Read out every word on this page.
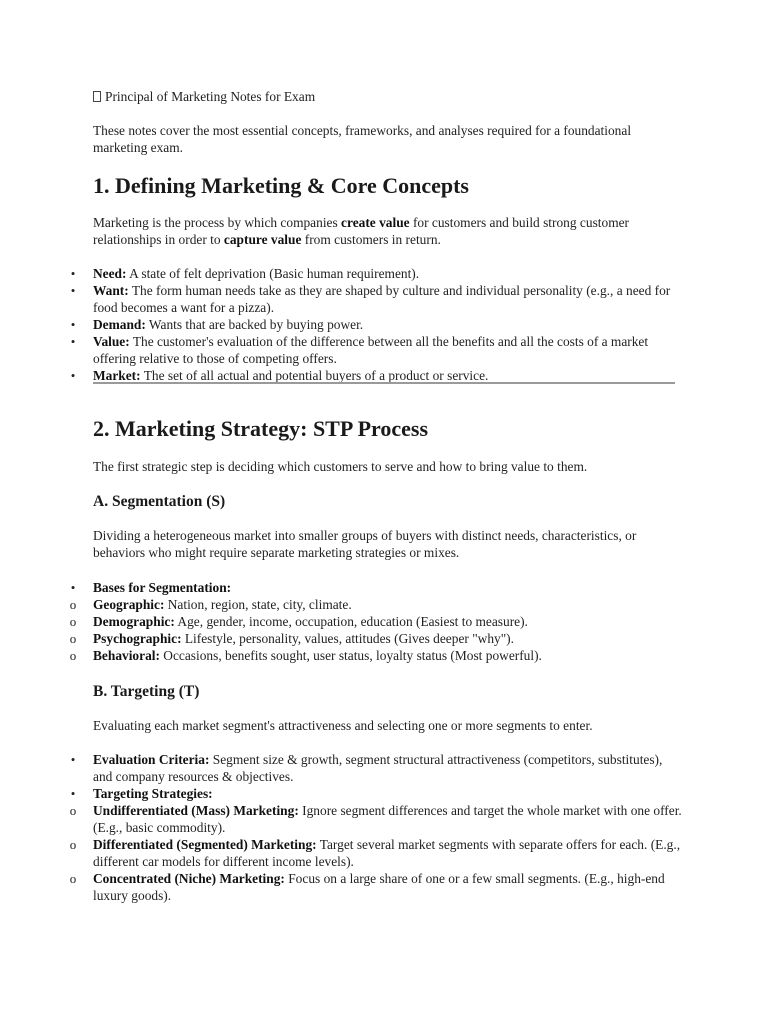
Principal of Marketing Notes for Exam
These notes cover the most essential concepts, frameworks, and analyses required for a foundational marketing exam.
1. Defining Marketing & Core Concepts
Marketing is the process by which companies create value for customers and build strong customer relationships in order to capture value from customers in return.
• Need: A state of felt deprivation (Basic human requirement).
• Want: The form human needs take as they are shaped by culture and individual personality (e.g., a need for food becomes a want for a pizza).
• Demand: Wants that are backed by buying power.
• Value: The customer's evaluation of the difference between all the benefits and all the costs of a market offering relative to those of competing offers.
• Market: The set of all actual and potential buyers of a product or service.
2. Marketing Strategy: STP Process
The first strategic step is deciding which customers to serve and how to bring value to them.
A. Segmentation (S)
Dividing a heterogeneous market into smaller groups of buyers with distinct needs, characteristics, or behaviors who might require separate marketing strategies or mixes.
• Bases for Segmentation:
o Geographic: Nation, region, state, city, climate.
o Demographic: Age, gender, income, occupation, education (Easiest to measure).
o Psychographic: Lifestyle, personality, values, attitudes (Gives deeper "why").
o Behavioral: Occasions, benefits sought, user status, loyalty status (Most powerful).
B. Targeting (T)
Evaluating each market segment's attractiveness and selecting one or more segments to enter.
• Evaluation Criteria: Segment size & growth, segment structural attractiveness (competitors, substitutes), and company resources & objectives.
• Targeting Strategies:
o Undifferentiated (Mass) Marketing: Ignore segment differences and target the whole market with one offer. (E.g., basic commodity).
o Differentiated (Segmented) Marketing: Target several market segments with separate offers for each. (E.g., different car models for different income levels).
o Concentrated (Niche) Marketing: Focus on a large share of one or a few small segments. (E.g., high-end luxury goods).
